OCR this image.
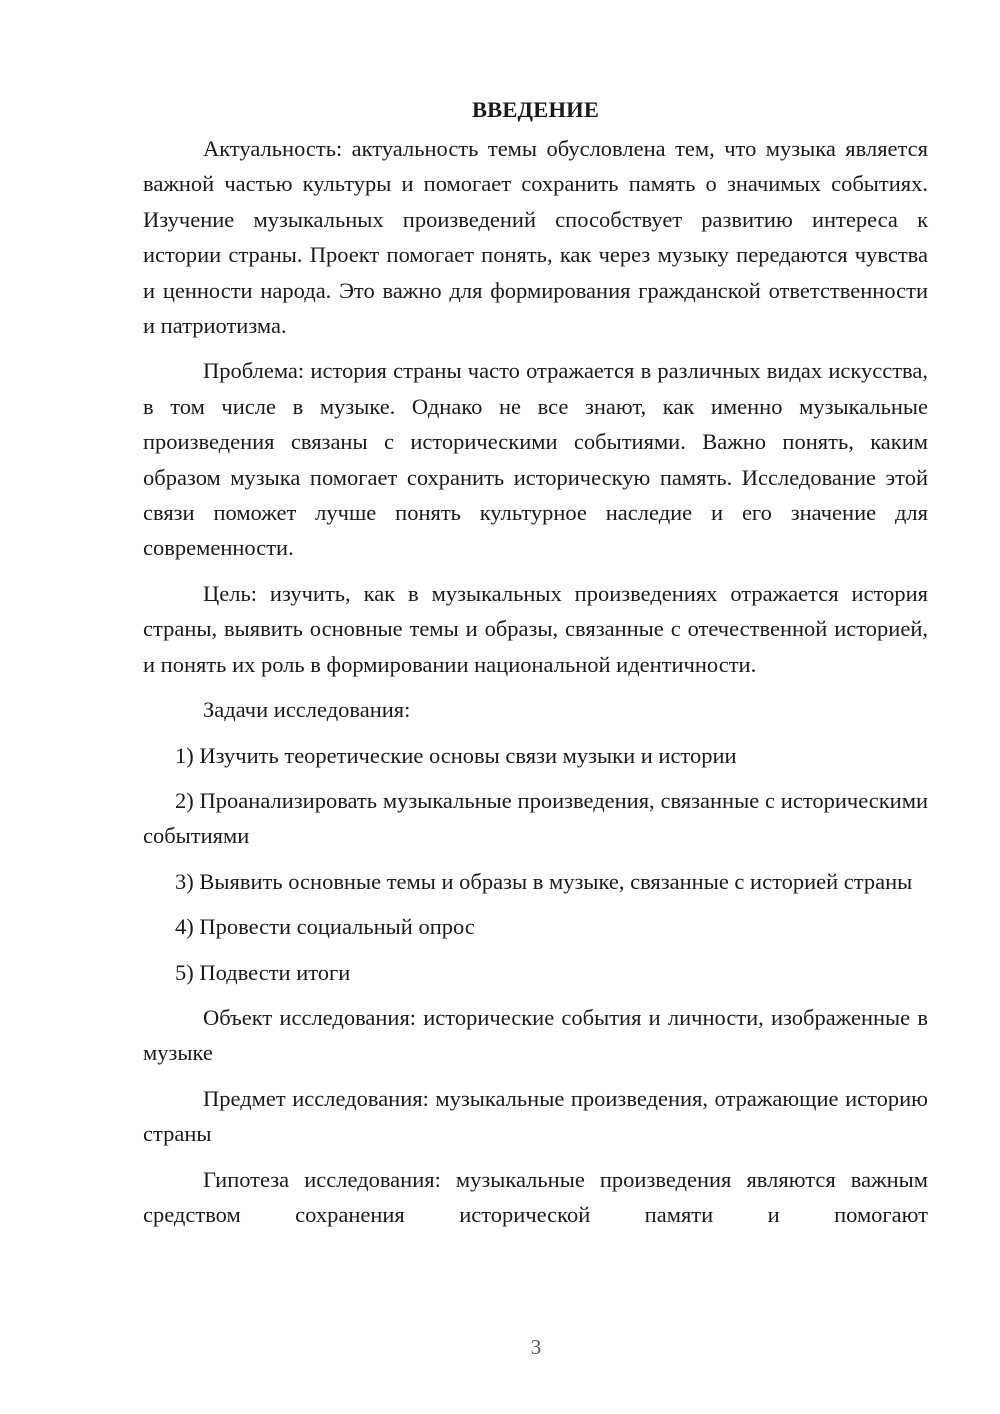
ВВЕДЕНИЕ

Актуальность: актуальность темы обусловлена тем, что музыка является важной частью культуры и помогает сохранить память о значимых событиях. Изучение музыкальных произведений способствует развитию интереса к истории страны. Проект помогает понять, как через музыку передаются чувства и ценности народа. Это важно для формирования гражданской ответственности и патриотизма.

Проблема: история страны часто отражается в различных видах искусства, в том числе в музыке. Однако не все знают, как именно музыкальные произведения связаны с историческими событиями. Важно понять, каким образом музыка помогает сохранить историческую память. Исследование этой связи поможет лучше понять культурное наследие и его значение для современности.

Цель: изучить, как в музыкальных произведениях отражается история страны, выявить основные темы и образы, связанные с отечественной историей, и понять их роль в формировании национальной идентичности.

Задачи исследования:

1) Изучить теоретические основы связи музыки и истории

2) Проанализировать музыкальные произведения, связанные с историческими событиями

3) Выявить основные темы и образы в музыке, связанные с историей страны

4) Провести социальный опрос

5) Подвести итоги

Объект исследования: исторические события и личности, изображенные в музыке

Предмет исследования: музыкальные произведения, отражающие историю страны

Гипотеза исследования: музыкальные произведения являются важным средством сохранения исторической памяти и помогают

3
